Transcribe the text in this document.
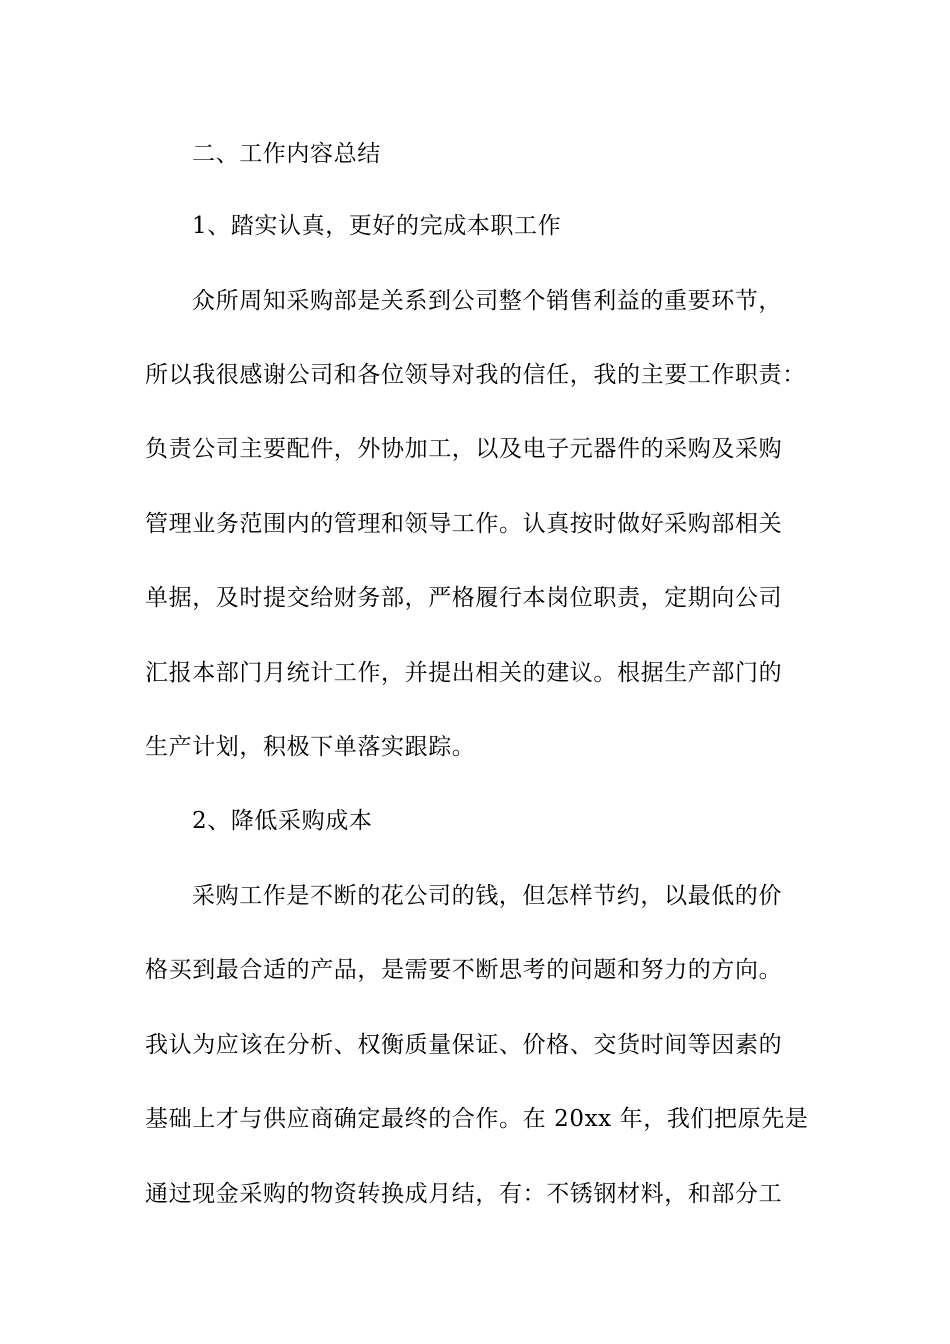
二、工作内容总结
1、踏实认真，更好的完成本职工作
众所周知采购部是关系到公司整个销售利益的重要环节，
所以我很感谢公司和各位领导对我的信任，我的主要工作职责：
负责公司主要配件，外协加工，以及电子元器件的采购及采购
管理业务范围内的管理和领导工作。认真按时做好采购部相关
单据，及时提交给财务部，严格履行本岗位职责，定期向公司
汇报本部门月统计工作，并提出相关的建议。根据生产部门的
生产计划，积极下单落实跟踪。
2、降低采购成本
采购工作是不断的花公司的钱，但怎样节约，以最低的价
格买到最合适的产品，是需要不断思考的问题和努力的方向。
我认为应该在分析、权衡质量保证、价格、交货时间等因素的
基础上才与供应商确定最终的合作。在 20xx 年，我们把原先是
通过现金采购的物资转换成月结，有：不锈钢材料，和部分工
